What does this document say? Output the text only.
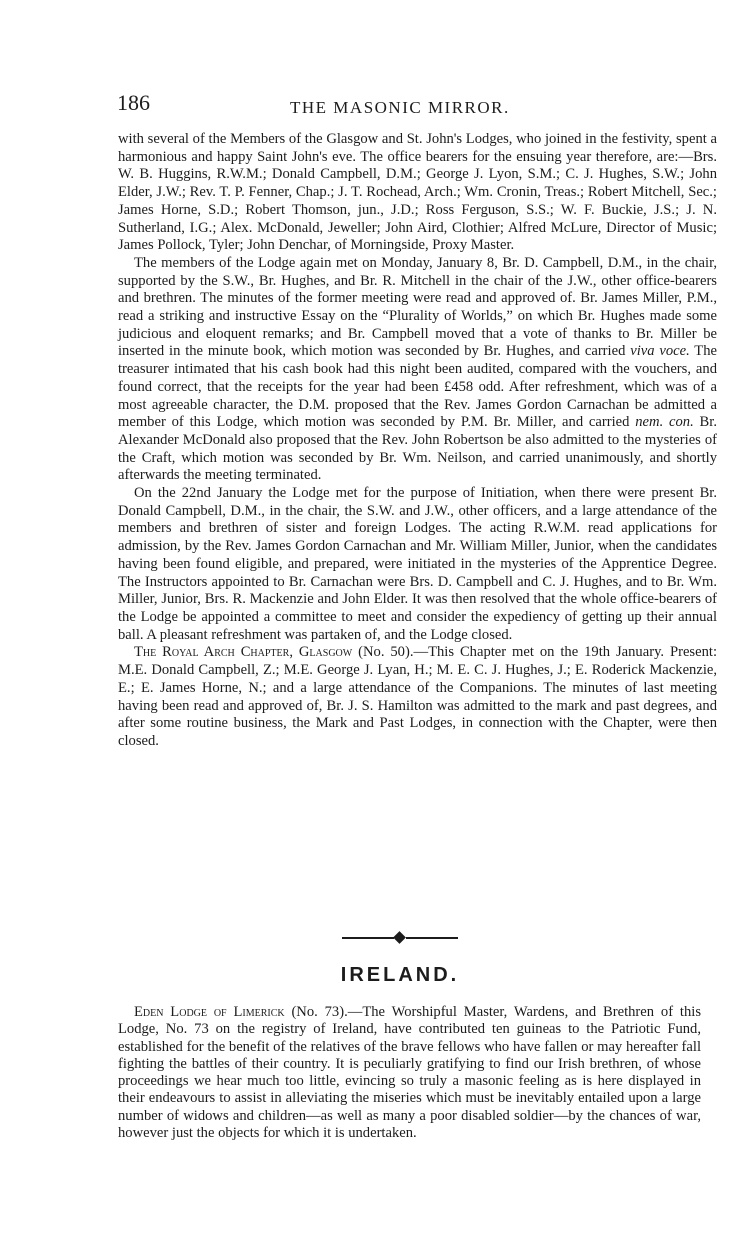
186	THE MASONIC MIRROR.

with several of the Members of the Glasgow and St. John's Lodges, who joined in the festivity, spent a harmonious and happy Saint John's eve. The office bearers for the ensuing year therefore, are:—Brs. W. B. Huggins, R.W.M.; Donald Campbell, D.M.; George J. Lyon, S.M.; C. J. Hughes, S.W.; John Elder, J.W.; Rev. T. P. Fenner, Chap.; J. T. Rochead, Arch.; Wm. Cronin, Treas.; Robert Mitchell, Sec.; James Horne, S.D.; Robert Thomson, jun., J.D.; Ross Ferguson, S.S.; W. F. Buckie, J.S.; J. N. Sutherland, I.G.; Alex. McDonald, Jeweller; John Aird, Clothier; Alfred McLure, Director of Music; James Pollock, Tyler; John Denchar, of Morningside, Proxy Master.

The members of the Lodge again met on Monday, January 8, Br. D. Campbell, D.M., in the chair, supported by the S.W., Br. Hughes, and Br. R. Mitchell in the chair of the J.W., other office-bearers and brethren. The minutes of the former meeting were read and approved of. Br. James Miller, P.M., read a striking and instructive Essay on the “Plurality of Worlds,” on which Br. Hughes made some judicious and eloquent remarks; and Br. Campbell moved that a vote of thanks to Br. Miller be inserted in the minute book, which motion was seconded by Br. Hughes, and carried viva voce. The treasurer intimated that his cash book had this night been audited, compared with the vouchers, and found correct, that the receipts for the year had been £458 odd. After refreshment, which was of a most agreeable character, the D.M. proposed that the Rev. James Gordon Carnachan be admitted a member of this Lodge, which motion was seconded by P.M. Br. Miller, and carried nem. con. Br. Alexander McDonald also proposed that the Rev. John Robertson be also admitted to the mysteries of the Craft, which motion was seconded by Br. Wm. Neilson, and carried unanimously, and shortly afterwards the meeting terminated.

On the 22nd January the Lodge met for the purpose of Initiation, when there were present Br. Donald Campbell, D.M., in the chair, the S.W. and J.W., other officers, and a large attendance of the members and brethren of sister and foreign Lodges. The acting R.W.M. read applications for admission, by the Rev. James Gordon Carnachan and Mr. William Miller, Junior, when the candidates having been found eligible, and prepared, were initiated in the mysteries of the Apprentice Degree. The Instructors appointed to Br. Carnachan were Brs. D. Campbell and C. J. Hughes, and to Br. Wm. Miller, Junior, Brs. R. Mackenzie and John Elder. It was then resolved that the whole office-bearers of the Lodge be appointed a committee to meet and consider the expediency of getting up their annual ball. A pleasant refreshment was partaken of, and the Lodge closed.

The Royal Arch Chapter, Glasgow (No. 50).—This Chapter met on the 19th January. Present: M.E. Donald Campbell, Z.; M.E. George J. Lyan, H.; M. E. C. J. Hughes, J.; E. Roderick Mackenzie, E.; E. James Horne, N.; and a large attendance of the Companions. The minutes of last meeting having been read and approved of, Br. J. S. Hamilton was admitted to the mark and past degrees, and after some routine business, the Mark and Past Lodges, in connection with the Chapter, were then closed.

IRELAND.

Eden Lodge of Limerick (No. 73).—The Worshipful Master, Wardens, and Brethren of this Lodge, No. 73 on the registry of Ireland, have contributed ten guineas to the Patriotic Fund, established for the benefit of the relatives of the brave fellows who have fallen or may hereafter fall fighting the battles of their country. It is peculiarly gratifying to find our Irish brethren, of whose proceedings we hear much too little, evincing so truly a masonic feeling as is here displayed in their endeavours to assist in alleviating the miseries which must be inevitably entailed upon a large number of widows and children—as well as many a poor disabled soldier—by the chances of war, however just the objects for which it is undertaken.
